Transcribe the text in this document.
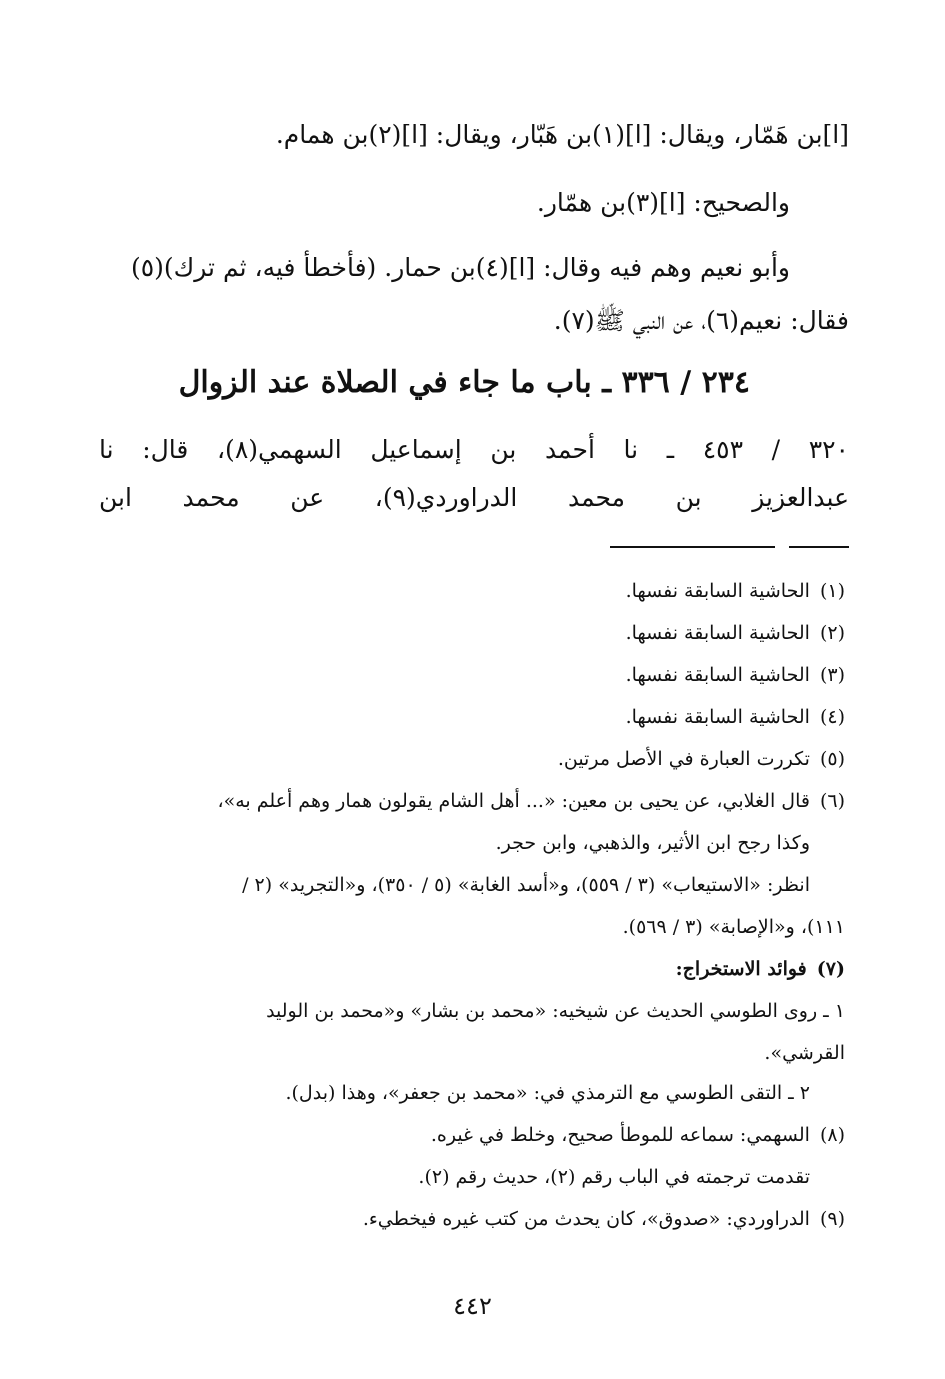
[ا]بن هَمّار، ويقال: [ا](١)بن هَبّار، ويقال: [ا](٢)بن همام.

والصحيح: [ا](٣)بن همّار.

وأبو نعيم وهم فيه وقال: [ا](٤)بن حمار. (فأخطأ فيه، ثم ترك)(٥)

فقال: نعيم(٦)، عن النبي ﷺ(٧).

٢٣٤ / ٣٣٦ ـ باب ما جاء في الصلاة عند الزوال

٣٢٠ / ٤٥٣ ـ نا أحمد بن إسماعيل السهمي(٨)، قال: نا

عبدالعزيز بن محمد الدراوردي(٩)، عن محمد ابن

(١)الحاشية السابقة نفسها.

(٢)الحاشية السابقة نفسها.

(٣)الحاشية السابقة نفسها.

(٤)الحاشية السابقة نفسها.

(٥)تكررت العبارة في الأصل مرتين.

(٦)قال الغلابي، عن يحيى بن معين: «... أهل الشام يقولون همار وهم أعلم به»،

وكذا رجح ابن الأثير، والذهبي، وابن حجر.

انظر: «الاستيعاب» (٣ / ٥٥٩)، و«أسد الغابة» (٥ / ٣٥٠)، و«التجريد» (٢ /

١١١)، و«الإصابة» (٣ / ٥٦٩).

(٧)فوائد الاستخراج:

١ ـ روى الطوسي الحديث عن شيخيه: «محمد بن بشار» و«محمد بن الوليد

القرشي».

٢ ـ التقى الطوسي مع الترمذي في: «محمد بن جعفر»، وهذا (بدل).

(٨)السهمي: سماعه للموطأ صحيح، وخلط في غيره.

تقدمت ترجمته في الباب رقم (٢)، حديث رقم (٢).

(٩)الدراوردي: «صدوق»، كان يحدث من كتب غيره فيخطيء.

٤٤٢
